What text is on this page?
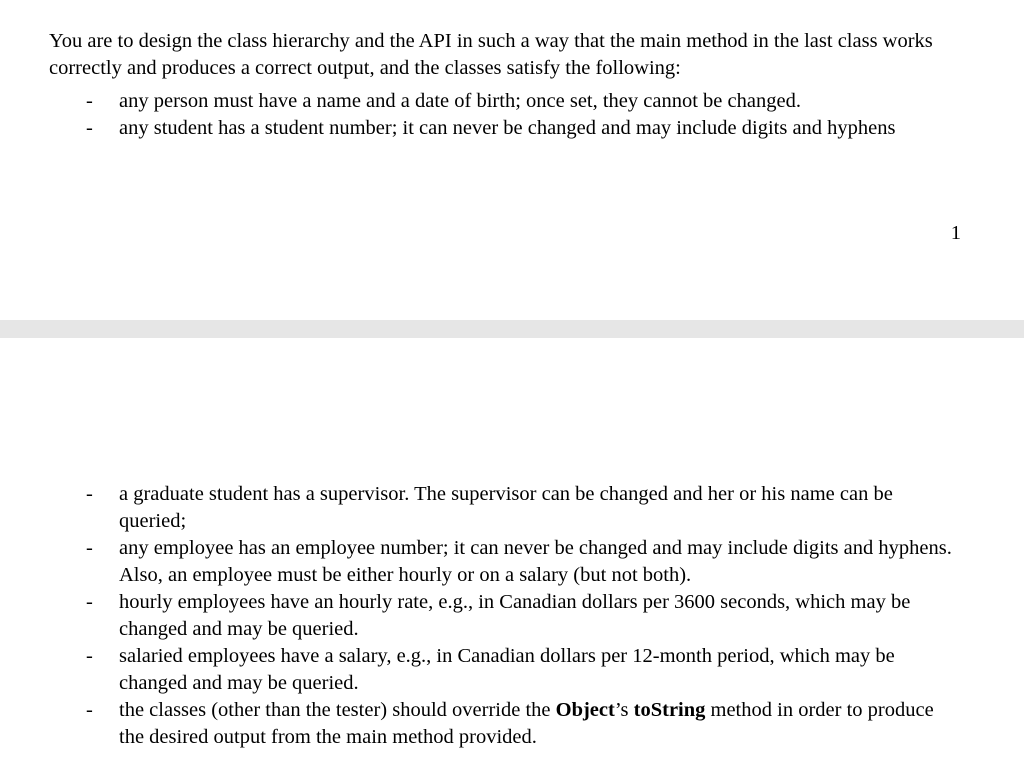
You are to design the class hierarchy and the API in such a way that the main method in the last class works correctly and produces a correct output, and the classes satisfy the following:

- any person must have a name and a date of birth; once set, they cannot be changed.
- any student has a student number; it can never be changed and may include digits and hyphens
1
- a graduate student has a supervisor. The supervisor can be changed and her or his name can be queried;
- any employee has an employee number; it can never be changed and may include digits and hyphens. Also, an employee must be either hourly or on a salary (but not both).
- hourly employees have an hourly rate, e.g., in Canadian dollars per 3600 seconds, which may be changed and may be queried.
- salaried employees have a salary, e.g., in Canadian dollars per 12-month period, which may be changed and may be queried.
- the classes (other than the tester) should override the Object’s toString method in order to produce the desired output from the main method provided.
